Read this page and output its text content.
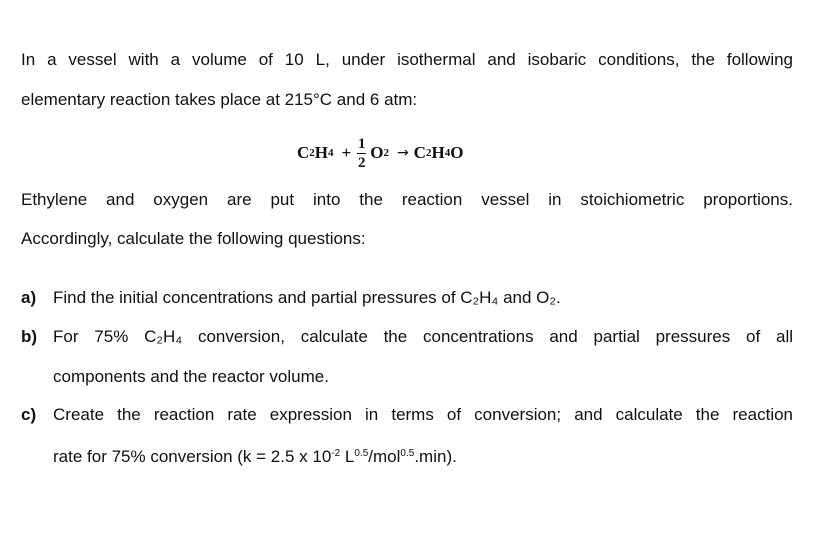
In a vessel with a volume of 10 L, under isothermal and isobaric conditions, the following
elementary reaction takes place at 215°C and 6 atm:
C 2 H $4 + \frac{1}{2}$ O 2 → C 2 H 4 O
Ethylene and oxygen are put into the reaction vessel in stoichiometric proportions.
Accordingly, calculate the following questions:
a) Find the initial concentrations and partial pressures of C₂H₄ and O₂.
b) For 75% C₂H₄ conversion, calculate the concentrations and partial pressures of all
components and the reactor volume.
c) Create the reaction rate expression in terms of conversion; and calculate the reaction
rate for 75% conversion (k = 2.5 x $10^{-2}$ $L^{0.5}/mol^{0.5}.\min$).
